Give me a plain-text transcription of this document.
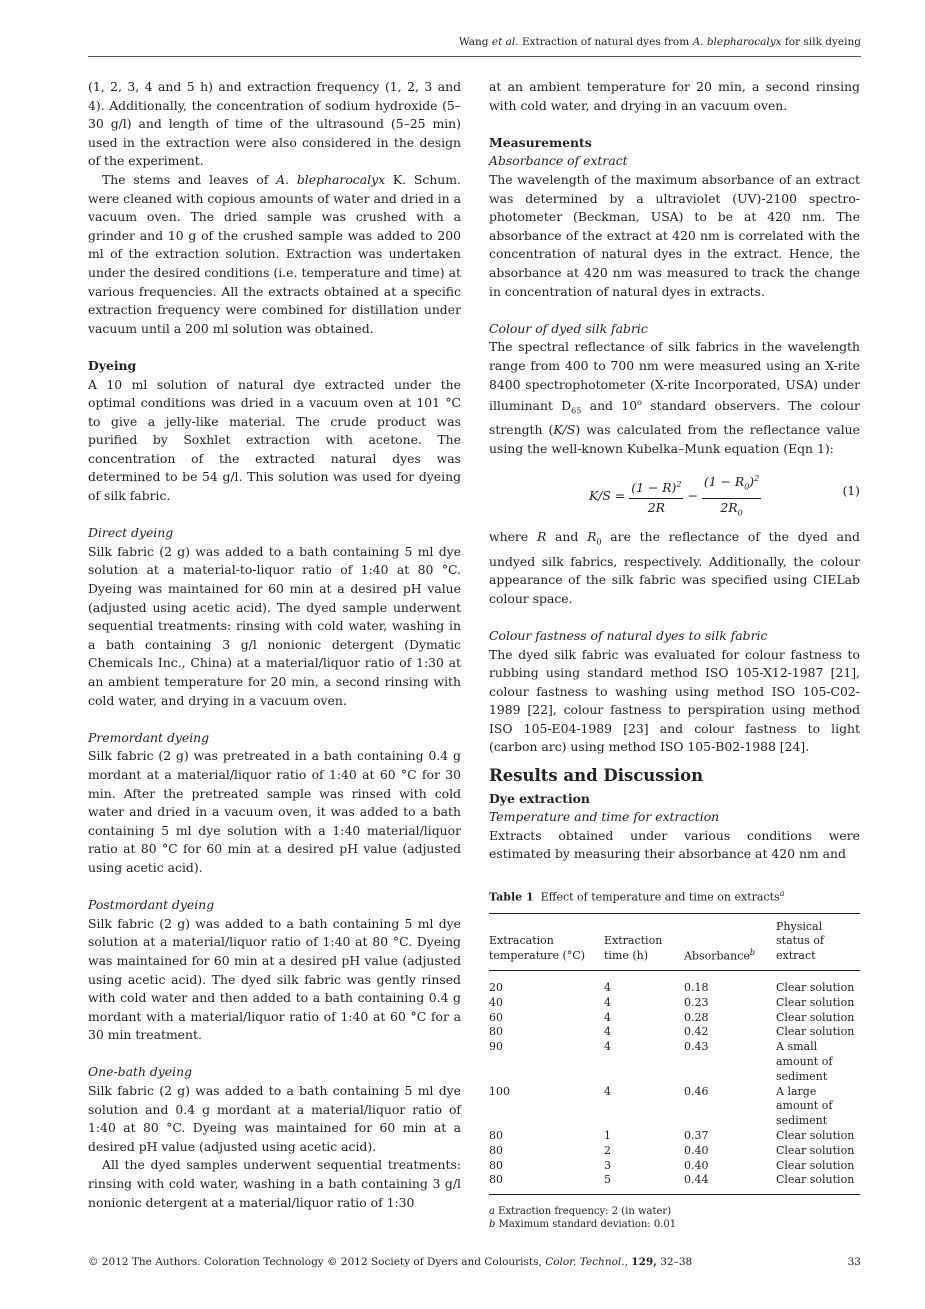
Wang et al. Extraction of natural dyes from A. blepharocalyx for silk dyeing

(1, 2, 3, 4 and 5 h) and extraction frequency (1, 2, 3 and 4). Additionally, the concentration of sodium hydroxide (5–30 g/l) and length of time of the ultrasound (5–25 min) used in the extraction were also considered in the design of the experiment.

The stems and leaves of A. blepharocalyx K. Schum. were cleaned with copious amounts of water and dried in a vacuum oven. The dried sample was crushed with a grinder and 10 g of the crushed sample was added to 200 ml of the extraction solution. Extraction was undertaken under the desired conditions (i.e. temperature and time) at various frequencies. All the extracts obtained at a specific extraction frequency were combined for distillation under vacuum until a 200 ml solution was obtained.

Dyeing

A 10 ml solution of natural dye extracted under the optimal conditions was dried in a vacuum oven at 101 °C to give a jelly-like material. The crude product was purified by Soxhlet extraction with acetone. The concentration of the extracted natural dyes was determined to be 54 g/l. This solution was used for dyeing of silk fabric.

Direct dyeing

Silk fabric (2 g) was added to a bath containing 5 ml dye solution at a material-to-liquor ratio of 1:40 at 80 °C. Dyeing was maintained for 60 min at a desired pH value (adjusted using acetic acid). The dyed sample underwent sequential treatments: rinsing with cold water, washing in a bath containing 3 g/l nonionic detergent (Dymatic Chemicals Inc., China) at a material/liquor ratio of 1:30 at an ambient temperature for 20 min, a second rinsing with cold water, and drying in a vacuum oven.

Premordant dyeing

Silk fabric (2 g) was pretreated in a bath containing 0.4 g mordant at a material/liquor ratio of 1:40 at 60 °C for 30 min. After the pretreated sample was rinsed with cold water and dried in a vacuum oven, it was added to a bath containing 5 ml dye solution with a 1:40 material/liquor ratio at 80 °C for 60 min at a desired pH value (adjusted using acetic acid).

Postmordant dyeing

Silk fabric (2 g) was added to a bath containing 5 ml dye solution at a material/liquor ratio of 1:40 at 80 °C. Dyeing was maintained for 60 min at a desired pH value (adjusted using acetic acid). The dyed silk fabric was gently rinsed with cold water and then added to a bath containing 0.4 g mordant with a material/liquor ratio of 1:40 at 60 °C for a 30 min treatment.

One-bath dyeing

Silk fabric (2 g) was added to a bath containing 5 ml dye solution and 0.4 g mordant at a material/liquor ratio of 1:40 at 80 °C. Dyeing was maintained for 60 min at a desired pH value (adjusted using acetic acid).

All the dyed samples underwent sequential treatments: rinsing with cold water, washing in a bath containing 3 g/l nonionic detergent at a material/liquor ratio of 1:30

at an ambient temperature for 20 min, a second rinsing with cold water, and drying in an vacuum oven.

Measurements
Absorbance of extract

The wavelength of the maximum absorbance of an extract was determined by a ultraviolet (UV)-2100 spectro-photometer (Beckman, USA) to be at 420 nm. The absorbance of the extract at 420 nm is correlated with the concentration of natural dyes in the extract. Hence, the absorbance at 420 nm was measured to track the change in concentration of natural dyes in extracts.

Colour of dyed silk fabric

The spectral reflectance of silk fabrics in the wavelength range from 400 to 700 nm were measured using an X-rite 8400 spectrophotometer (X-rite Incorporated, USA) under illuminant $D_{65}$ and 10$^o$ standard observers. The colour strength (K/S) was calculated from the reflectance value using the well-known Kubelka–Munk equation (Eqn 1):

$K/S = \frac{(1 - R)^2}{2R} - \frac{(1 - R_0)^2}{2R_0}$	(1)

where R and $R_0$ are the reflectance of the dyed and undyed silk fabrics, respectively. Additionally, the colour appearance of the silk fabric was specified using CIELab colour space.

Colour fastness of natural dyes to silk fabric

The dyed silk fabric was evaluated for colour fastness to rubbing using standard method ISO 105-X12-1987 [21], colour fastness to washing using method ISO 105-C02-1989 [22], colour fastness to perspiration using method ISO 105-E04-1989 [23] and colour fastness to light (carbon arc) using method ISO 105-B02-1988 [24].

Results and Discussion
Dye extraction
Temperature and time for extraction

Extracts obtained under various conditions were estimated by measuring their absorbance at 420 nm and

Table 1 Effect of temperature and time on extracts$^a$
Extracation temperature (°C)	Extraction time (h)	Absorbance$^b$	Physical status of extract
20	4	0.18	Clear solution
40	4	0.23	Clear solution
60	4	0.28	Clear solution
80	4	0.42	Clear solution
90	4	0.43	A small amount of sediment
100	4	0.46	A large amount of sediment
80	1	0.37	Clear solution
80	2	0.40	Clear solution
80	3	0.40	Clear solution
80	5	0.44	Clear solution
a Extraction frequency: 2 (in water)
b Maximum standard deviation: 0.01
© 2012 The Authors. Coloration Technology © 2012 Society of Dyers and Colourists, Color. Technol., 129, 32–38	33
